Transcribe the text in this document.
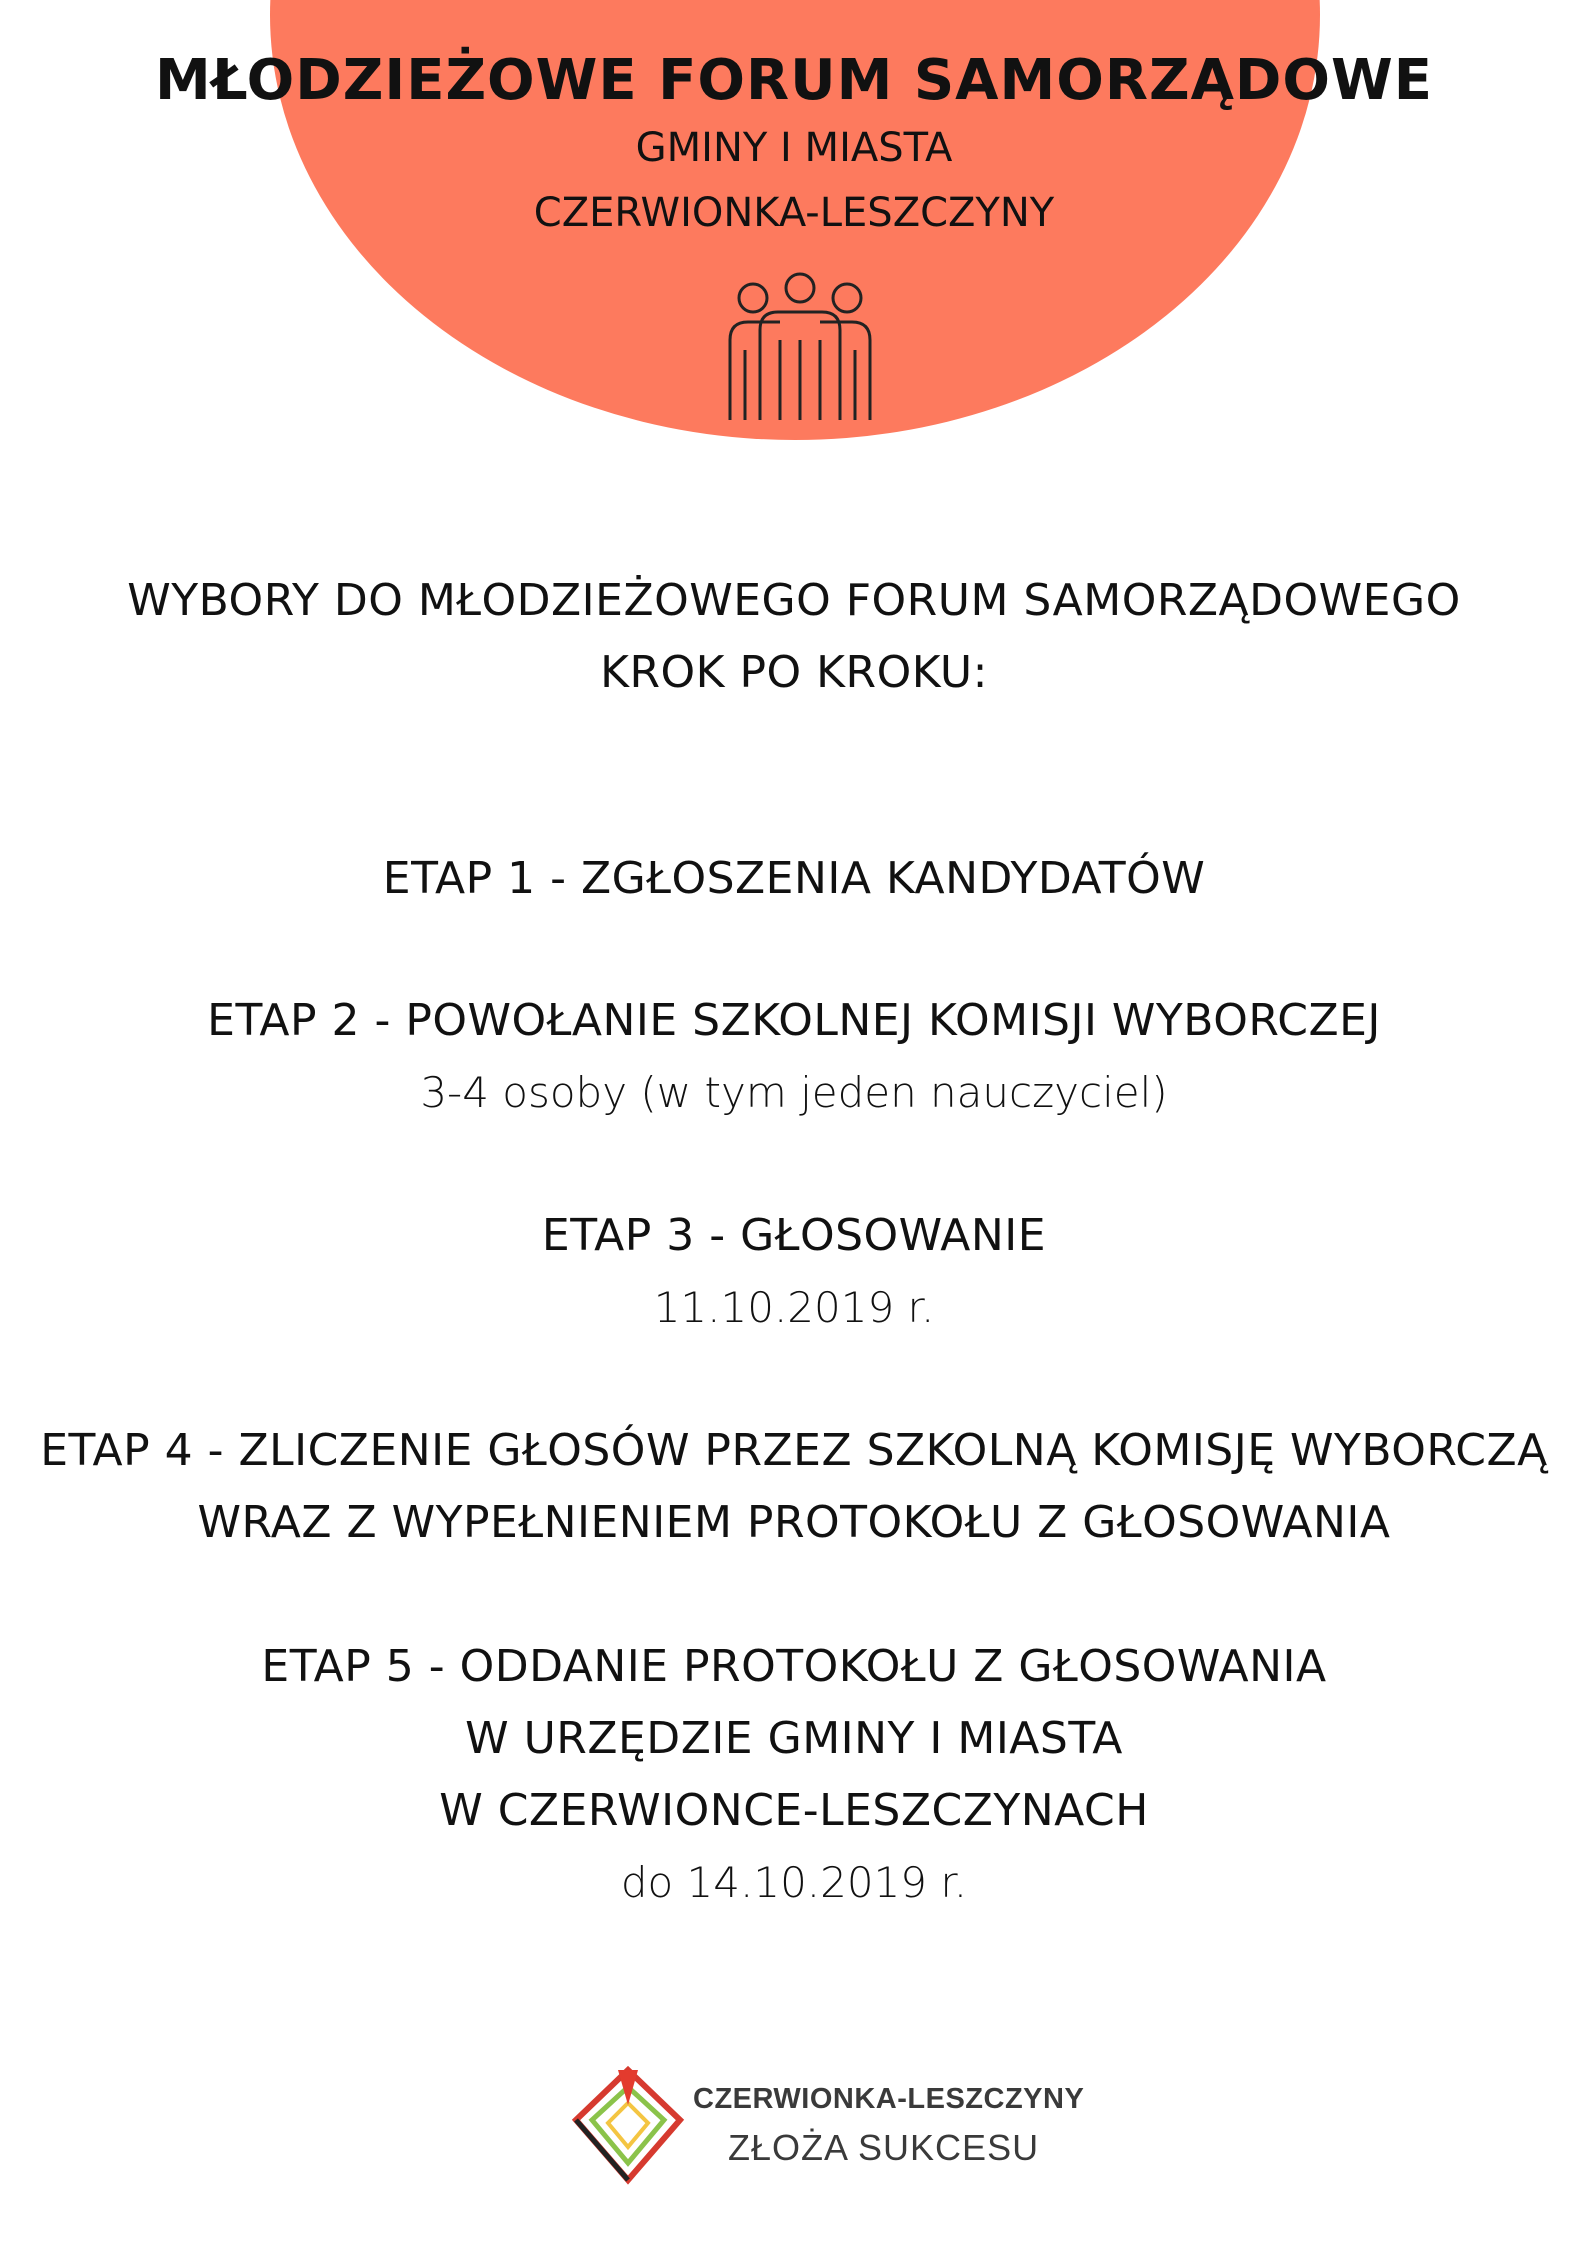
MŁODZIEŻOWE FORUM SAMORZĄDOWE
GMINY I MIASTA
CZERWIONKA-LESZCZYNY
WYBORY DO MŁODZIEŻOWEGO FORUM SAMORZĄDOWEGO
KROK PO KROKU:
ETAP 1 - ZGŁOSZENIA KANDYDATÓW
ETAP 2 - POWOŁANIE SZKOLNEJ KOMISJI WYBORCZEJ
3-4 osoby (w tym jeden nauczyciel)
ETAP 3 - GŁOSOWANIE
11.10.2019 r.
ETAP 4 - ZLICZENIE GŁOSÓW PRZEZ SZKOLNĄ KOMISJĘ WYBORCZĄ
WRAZ Z WYPEŁNIENIEM PROTOKOŁU Z GŁOSOWANIA
ETAP 5 - ODDANIE PROTOKOŁU Z GŁOSOWANIA
W URZĘDZIE GMINY I MIASTA
W CZERWIONCE-LESZCZYNACH
do 14.10.2019 r.
CZERWIONKA-LESZCZYNY
ZŁOŻA SUKCESU
